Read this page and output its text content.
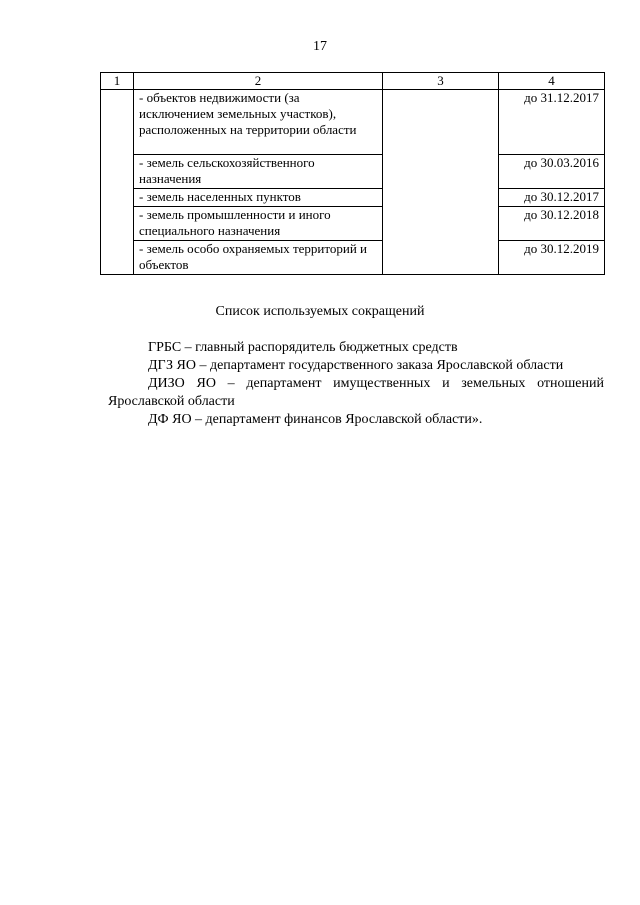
17
1	2	3	4
	- объектов недвижимости (за исключением земельных участков), расположенных на территории области		до 31.12.2017
	- земель сельскохозяйственного назначения		до 30.03.2016
	- земель населенных пунктов		до 30.12.2017
	- земель промышленности и иного специального назначения		до 30.12.2018
	- земель особо охраняемых территорий и объектов		до 30.12.2019
Список используемых сокращений

ГРБС – главный распорядитель бюджетных средств

ДГЗ ЯО – департамент государственного заказа Ярославской области

ДИЗО ЯО – департамент имущественных и земельных отношений Ярославской области

ДФ ЯО – департамент финансов Ярославской области».
